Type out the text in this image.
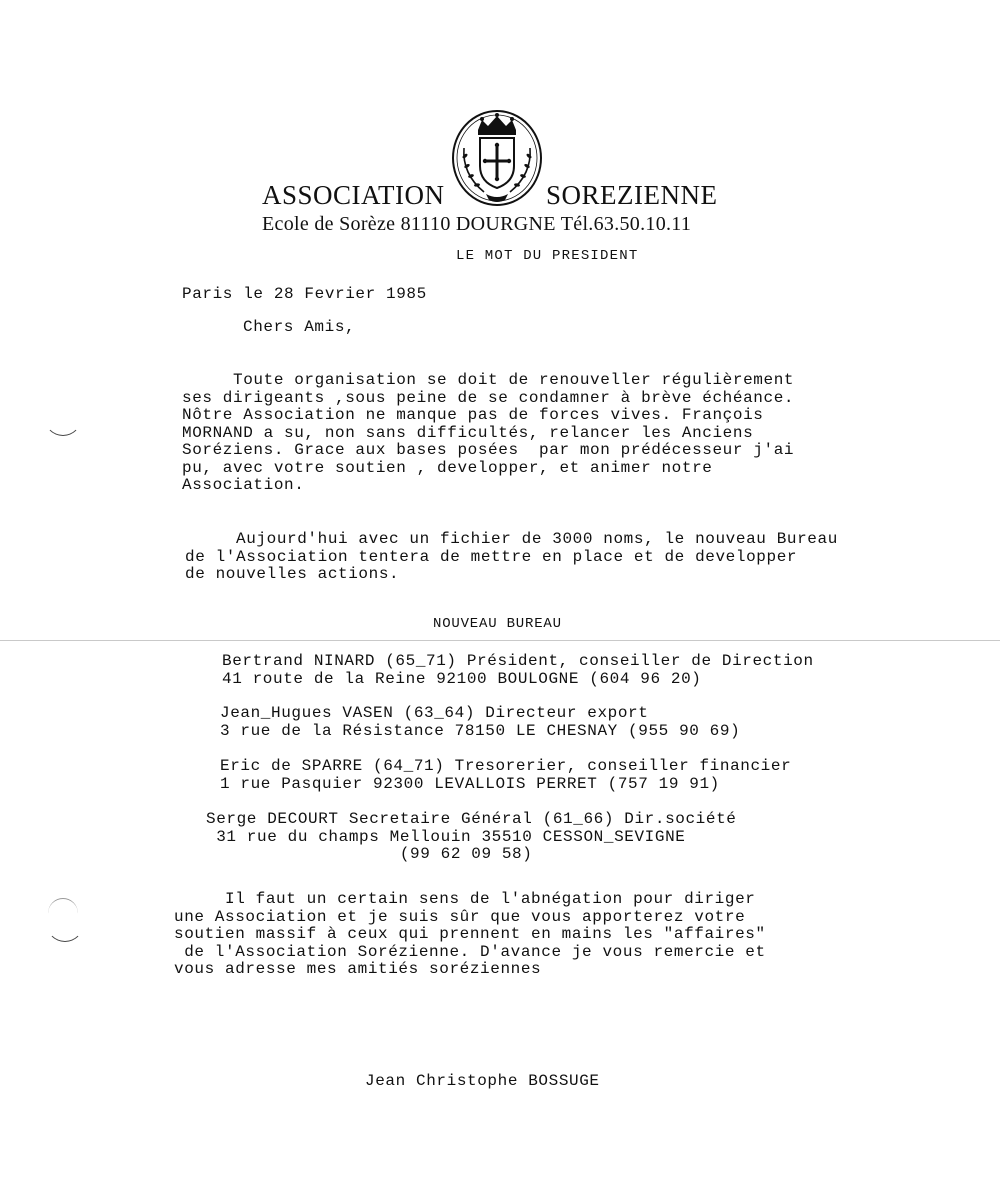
ASSOCIATION	SOREZIENNE
Ecole de Sorèze 81110 DOURGNE Tél.63.50.10.11
LE MOT DU PRESIDENT
Paris le 28 Fevrier 1985
Chers Amis,
Toute organisation se doit de renouveller régulièrement
ses dirigeants ,sous peine de se condamner à brève échéance.
Nôtre Association ne manque pas de forces vives. François
MORNAND a su, non sans difficultés, relancer les Anciens
Soréziens. Grace aux bases posées  par mon prédécesseur j'ai
pu, avec votre soutien , developper, et animer notre
Association.
Aujourd'hui avec un fichier de 3000 noms, le nouveau Bureau
de l'Association tentera de mettre en place et de developper
de nouvelles actions.
NOUVEAU BUREAU
Bertrand NINARD (65_71) Président, conseiller de Direction
41 route de la Reine 92100 BOULOGNE (604 96 20)
Jean_Hugues VASEN (63_64) Directeur export
3 rue de la Résistance 78150 LE CHESNAY (955 90 69)
Eric de SPARRE (64_71) Tresorerier, conseiller financier
1 rue Pasquier 92300 LEVALLOIS PERRET (757 19 91)
Serge DECOURT Secretaire Général (61_66) Dir.société
31 rue du champs Mellouin 35510 CESSON_SEVIGNE
(99 62 09 58)
Il faut un certain sens de l'abnégation pour diriger
une Association et je suis sûr que vous apporterez votre
soutien massif à ceux qui prennent en mains les "affaires"
de l'Association Sorézienne. D'avance je vous remercie et
vous adresse mes amitiés soréziennes
Jean Christophe BOSSUGE
